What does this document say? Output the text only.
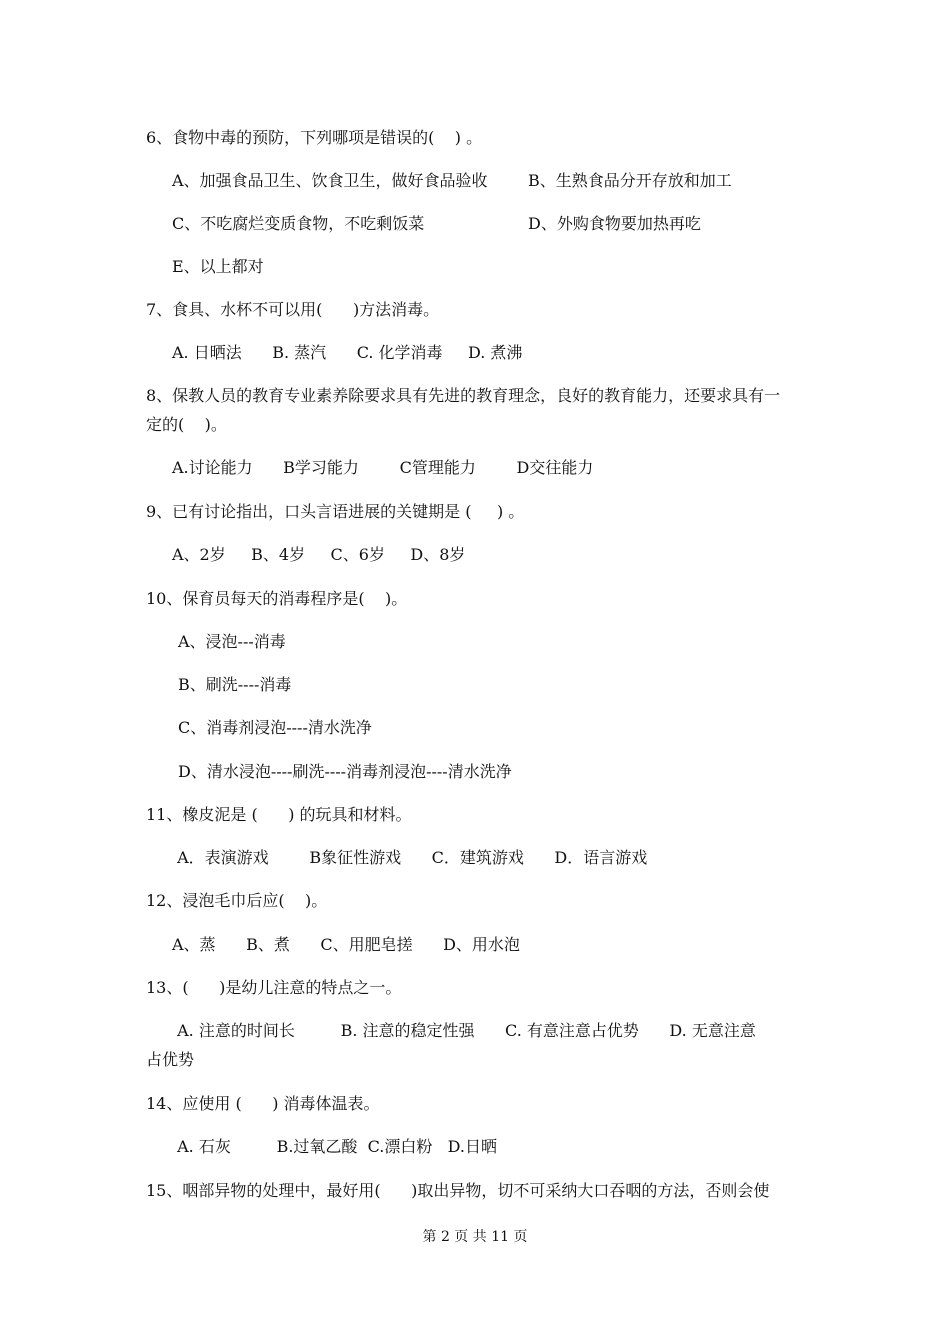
6、食物中毒的预防，下列哪项是错误的(    ) 。
A、加强食品卫生、饮食卫生，做好食品验收	B、生熟食品分开存放和加工
C、不吃腐烂变质食物，不吃剩饭菜	D、外购食物要加热再吃
E、以上都对
7、食具、水杯不可以用(      )方法消毒。
A. 日晒法      B. 蒸汽      C. 化学消毒     D. 煮沸
8、保教人员的教育专业素养除要求具有先进的教育理念，良好的教育能力，还要求具有一
定的(    )。
A.讨论能力      B学习能力        C管理能力        D交往能力
9、已有讨论指出，口头言语进展的关键期是 (     ) 。
A、2岁     B、4岁     C、6岁     D、8岁
10、保育员每天的消毒程序是(    )。
A、浸泡---消毒
B、刷洗----消毒
C、消毒剂浸泡----清水洗净
D、清水浸泡----刷洗----消毒剂浸泡----清水洗净
11、橡皮泥是 (      ) 的玩具和材料。
A．表演游戏        B象征性游戏      C．建筑游戏      D．语言游戏
12、浸泡毛巾后应(    )。
A、蒸      B、煮      C、用肥皂搓      D、用水泡
13、(      )是幼儿注意的特点之一。
A. 注意的时间长         B. 注意的稳定性强      C. 有意注意占优势      D. 无意注意
占优势
14、应使用 (      ) 消毒体温表。
A. 石灰         B.过氧乙酸  C.漂白粉   D.日晒
15、咽部异物的处理中，最好用(      )取出异物，切不可采纳大口吞咽的方法，否则会使
第 2 页 共 11 页
